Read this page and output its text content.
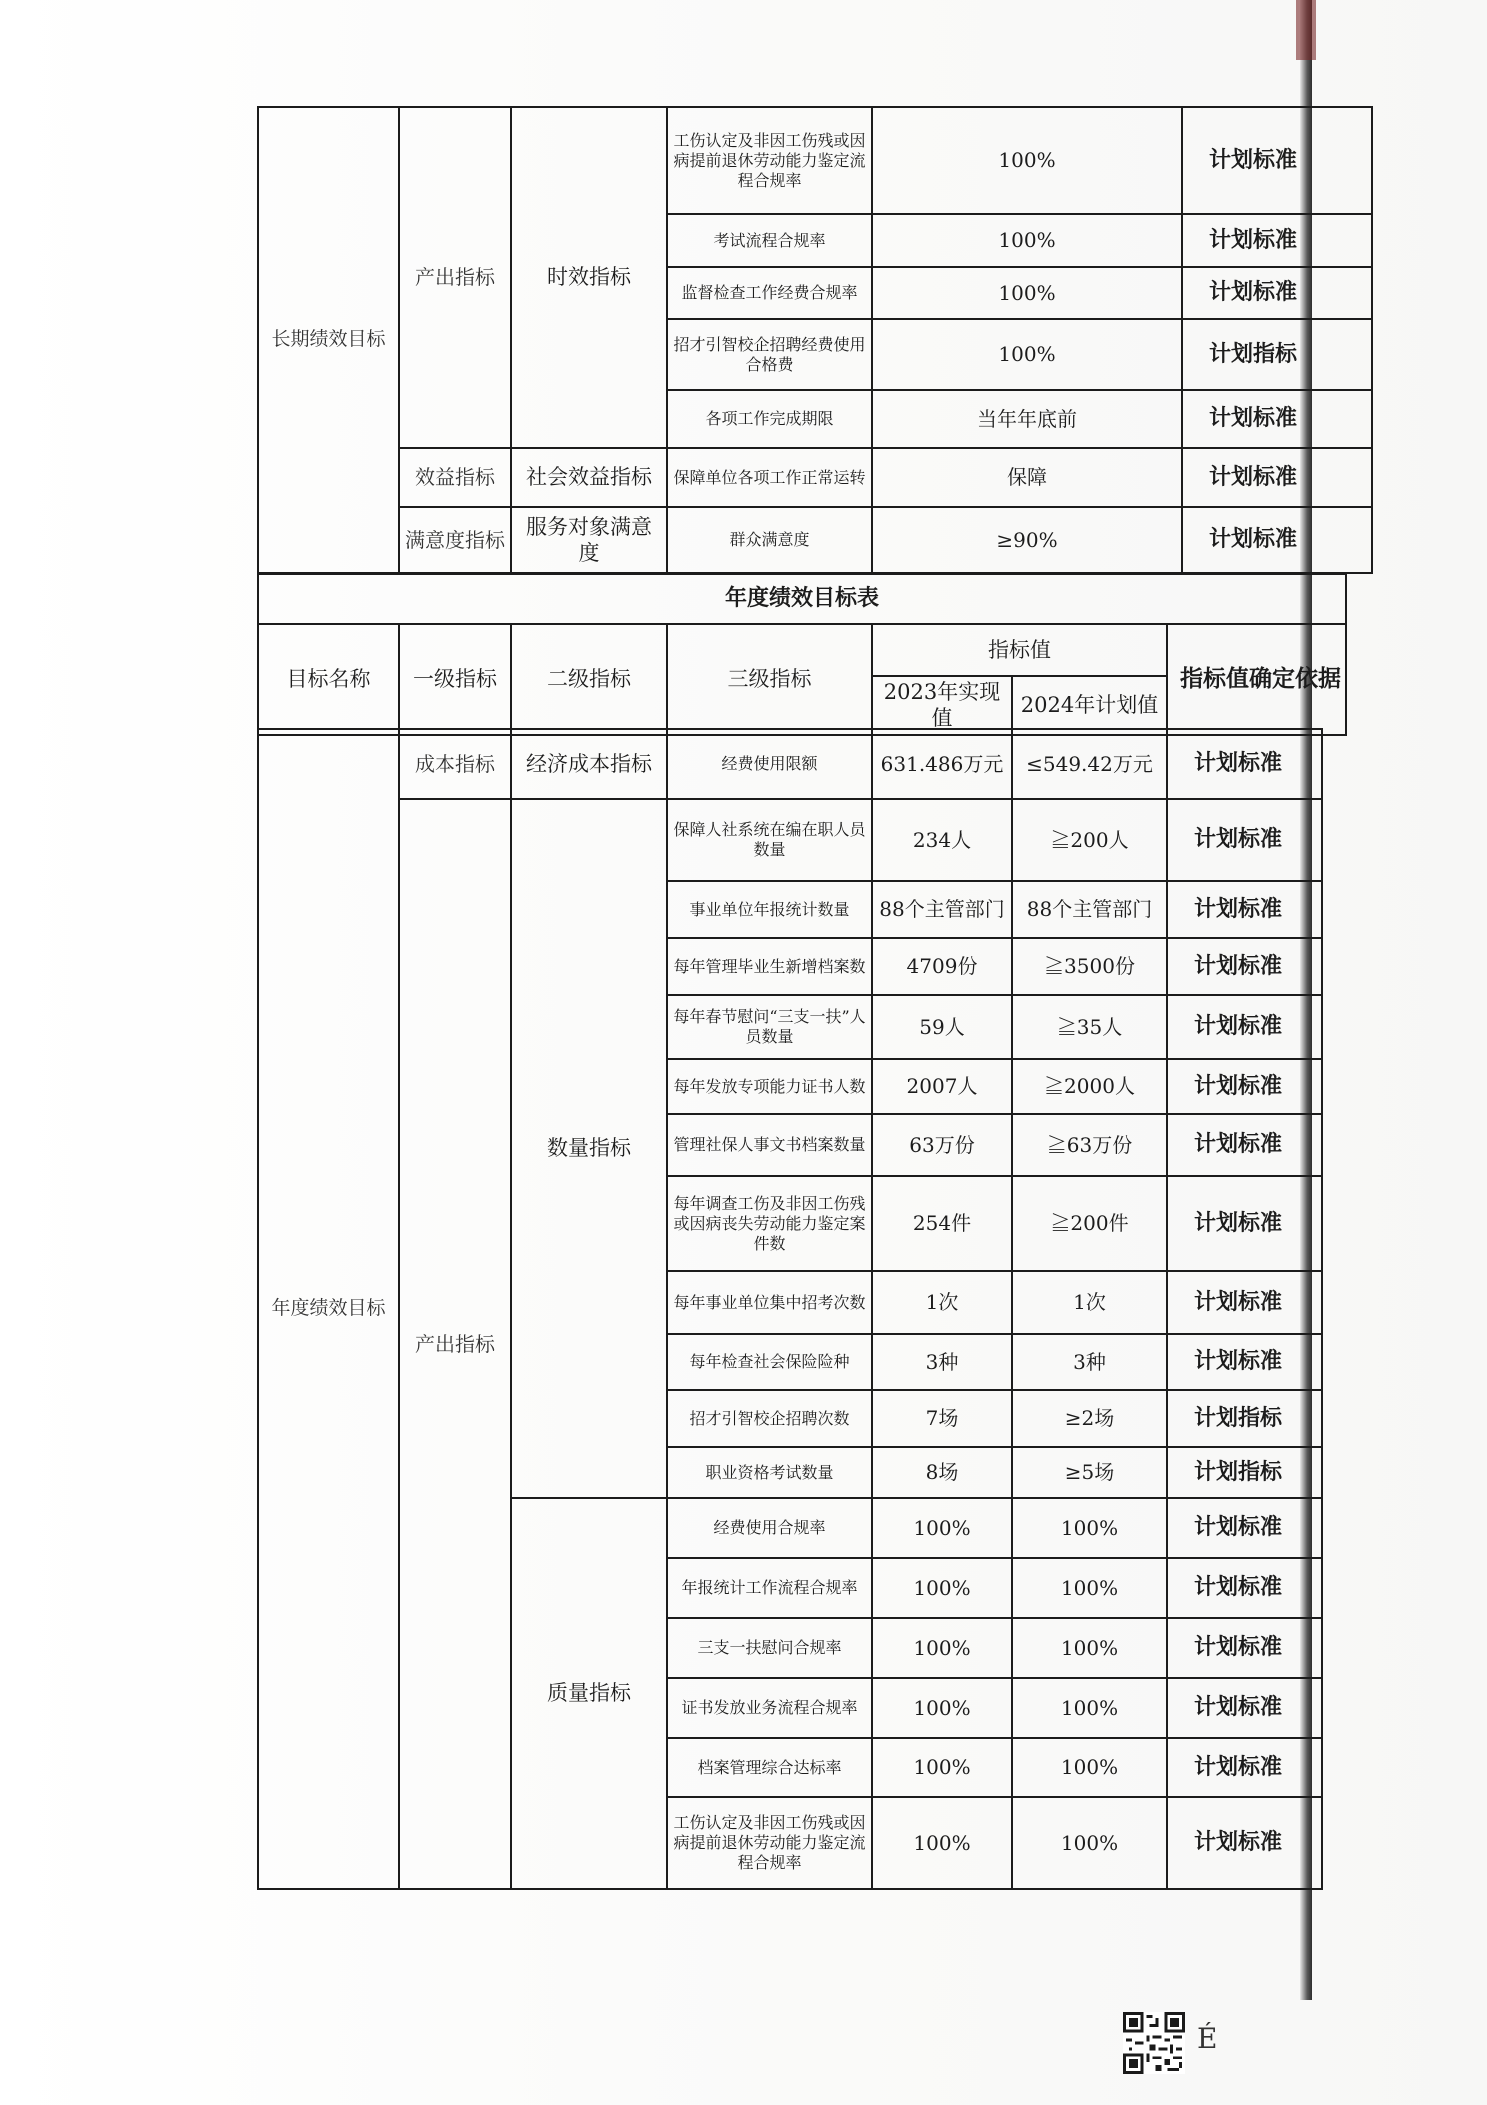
长期绩效目标	产出指标	时效指标	工伤认定及非因工伤残或因病提前退休劳动能力鉴定流程合规率	100%	计划标准
			考试流程合规率	100%	计划标准
			监督检查工作经费合规率	100%	计划标准
			招才引智校企招聘经费使用合格费	100%	计划指标
			各项工作完成期限	当年年底前	计划标准
	效益指标	社会效益指标	保障单位各项工作正常运转	保障	计划标准
	满意度指标	服务对象满意度	群众满意度	≥90%	计划标准
年度绩效目标表						
目标名称	一级指标	二级指标	三级指标	指标值		指标值确定依据
				2023年实现值	2024年计划值	
年度绩效目标	成本指标	经济成本指标	经费使用限额	631.486万元	≤549.42万元	计划标准
	产出指标	数量指标	保障人社系统在编在职人员数量	234人	≧200人	计划标准
			事业单位年报统计数量	88个主管部门	88个主管部门	计划标准
			每年管理毕业生新增档案数	4709份	≧3500份	计划标准
			每年春节慰问“三支一扶”人员数量	59人	≧35人	计划标准
			每年发放专项能力证书人数	2007人	≧2000人	计划标准
			管理社保人事文书档案数量	63万份	≧63万份	计划标准
			每年调查工伤及非因工伤残或因病丧失劳动能力鉴定案件数	254件	≧200件	计划标准
			每年事业单位集中招考次数	1次	1次	计划标准
			每年检查社会保险险种	3种	3种	计划标准
			招才引智校企招聘次数	7场	≥2场	计划指标
			职业资格考试数量	8场	≥5场	计划指标
		质量指标	经费使用合规率	100%	100%	计划标准
			年报统计工作流程合规率	100%	100%	计划标准
			三支一扶慰问合规率	100%	100%	计划标准
			证书发放业务流程合规率	100%	100%	计划标准
			档案管理综合达标率	100%	100%	计划标准
			工伤认定及非因工伤残或因病提前退休劳动能力鉴定流程合规率	100%	100%	计划标准
É
